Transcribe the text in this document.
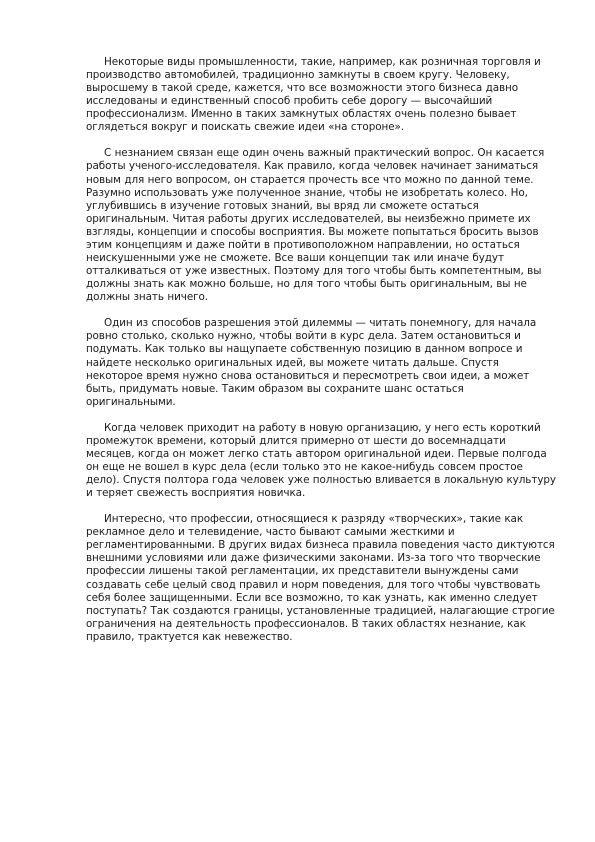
Некоторые виды промышленности, такие, например, как розничная торговля и производство автомобилей, традиционно замкнуты в своем кругу. Человеку, выросшему в такой среде, кажется, что все возможности этого бизнеса давно исследованы и единственный способ пробить себе дорогу — высочайший профессионализм. Именно в таких замкнутых областях очень полезно бывает оглядеться вокруг и поискать свежие идеи «на стороне».

С незнанием связан еще один очень важный практический вопрос. Он касается работы ученого-исследователя. Как правило, когда человек начинает заниматься новым для него вопросом, он старается прочесть все что можно по данной теме. Разумно использовать уже полученное знание, чтобы не изобретать колесо. Но, углубившись в изучение готовых знаний, вы вряд ли сможете остаться оригинальным. Читая работы других исследователей, вы неизбежно примете их взгляды, концепции и способы восприятия. Вы можете попытаться бросить вызов этим концепциям и даже пойти в противоположном направлении, но остаться неискушенными уже не сможете. Все ваши концепции так или иначе будут отталкиваться от уже известных. Поэтому для того чтобы быть компетентным, вы должны знать как можно больше, но для того чтобы быть оригинальным, вы не должны знать ничего.

Один из способов разрешения этой дилеммы — читать понемногу, для начала ровно столько, сколько нужно, чтобы войти в курс дела. Затем остановиться и подумать. Как только вы нащупаете собственную позицию в данном вопросе и найдете несколько оригинальных идей, вы можете читать дальше. Спустя некоторое время нужно снова остановиться и пересмотреть свои идеи, а может быть, придумать новые. Таким образом вы сохраните шанс остаться оригинальными.

Когда человек приходит на работу в новую организацию, у него есть короткий промежуток времени, который длится примерно от шести до восемнадцати месяцев, когда он может легко стать автором оригинальной идеи. Первые полгода он еще не вошел в курс дела (если только это не какое-нибудь совсем простое дело). Спустя полтора года человек уже полностью вливается в локальную культуру и теряет свежесть восприятия новичка.

Интересно, что профессии, относящиеся к разряду «творческих», такие как рекламное дело и телевидение, часто бывают самыми жесткими и регламентированными. В других видах бизнеса правила поведения часто диктуются внешними условиями или даже физическими законами. Из-за того что творческие профессии лишены такой регламентации, их представители вынуждены сами создавать себе целый свод правил и норм поведения, для того чтобы чувствовать себя более защищенными. Если все возможно, то как узнать, как именно следует поступать? Так создаются границы, установленные традицией, налагающие строгие ограничения на деятельность профессионалов. В таких областях незнание, как правило, трактуется как невежество.
